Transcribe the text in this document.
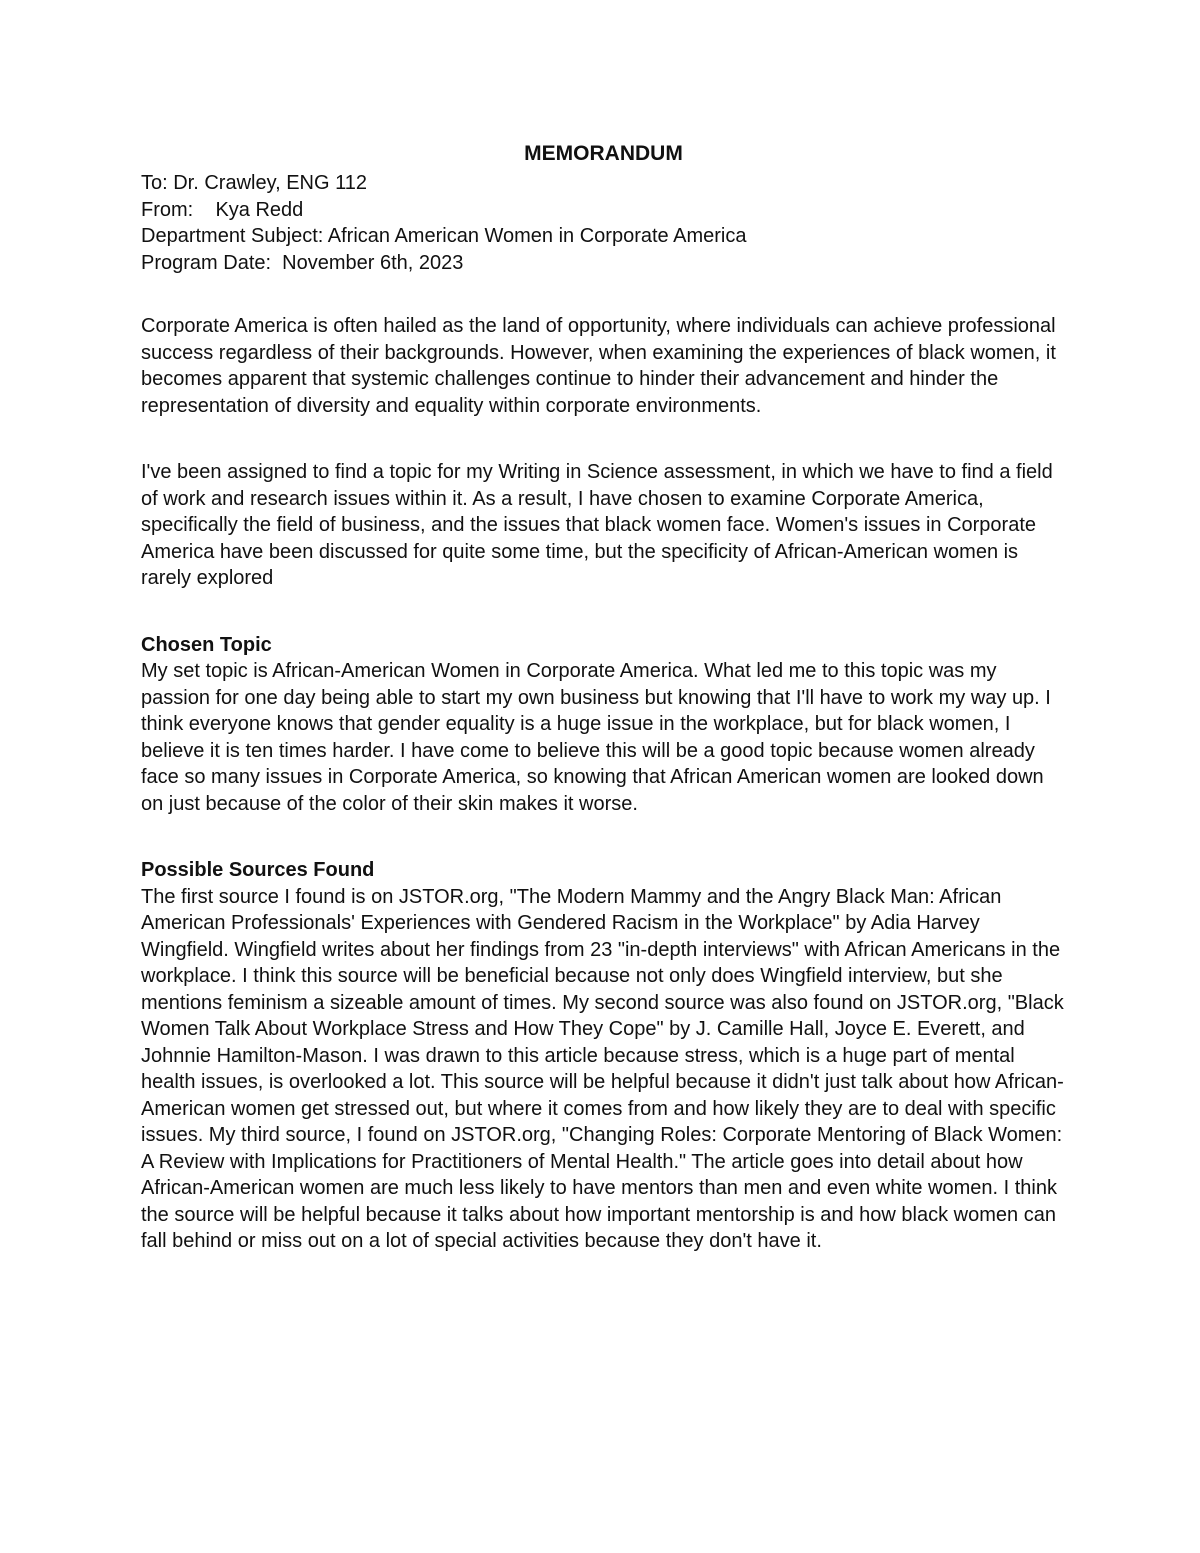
MEMORANDUM
To: Dr. Crawley, ENG 112
From:    Kya Redd
Department Subject: African American Women in Corporate America
Program Date:  November 6th, 2023

Corporate America is often hailed as the land of opportunity, where individuals can achieve professional success regardless of their backgrounds. However, when examining the experiences of black women, it becomes apparent that systemic challenges continue to hinder their advancement and hinder the representation of diversity and equality within corporate environments.

I've been assigned to find a topic for my Writing in Science assessment, in which we have to find a field of work and research issues within it. As a result, I have chosen to examine Corporate America, specifically the field of business, and the issues that black women face. Women's issues in Corporate America have been discussed for quite some time, but the specificity of African-American women is rarely explored

Chosen Topic

My set topic is African-American Women in Corporate America. What led me to this topic was my passion for one day being able to start my own business but knowing that I'll have to work my way up. I think everyone knows that gender equality is a huge issue in the workplace, but for black women, I believe it is ten times harder. I have come to believe this will be a good topic because women already face so many issues in Corporate America, so knowing that African American women are looked down on just because of the color of their skin makes it worse.

Possible Sources Found

The first source I found is on JSTOR.org, "The Modern Mammy and the Angry Black Man: African American Professionals' Experiences with Gendered Racism in the Workplace" by Adia Harvey Wingfield. Wingfield writes about her findings from 23 "in-depth interviews" with African Americans in the workplace. I think this source will be beneficial because not only does Wingfield interview, but she mentions feminism a sizeable amount of times. My second source was also found on JSTOR.org, "Black Women Talk About Workplace Stress and How They Cope" by J. Camille Hall, Joyce E. Everett, and Johnnie Hamilton-Mason. I was drawn to this article because stress, which is a huge part of mental health issues, is overlooked a lot. This source will be helpful because it didn't just talk about how African-American women get stressed out, but where it comes from and how likely they are to deal with specific issues. My third source, I found on JSTOR.org, "Changing Roles: Corporate Mentoring of Black Women: A Review with Implications for Practitioners of Mental Health." The article goes into detail about how African-American women are much less likely to have mentors than men and even white women. I think the source will be helpful because it talks about how important mentorship is and how black women can fall behind or miss out on a lot of special activities because they don't have it.
